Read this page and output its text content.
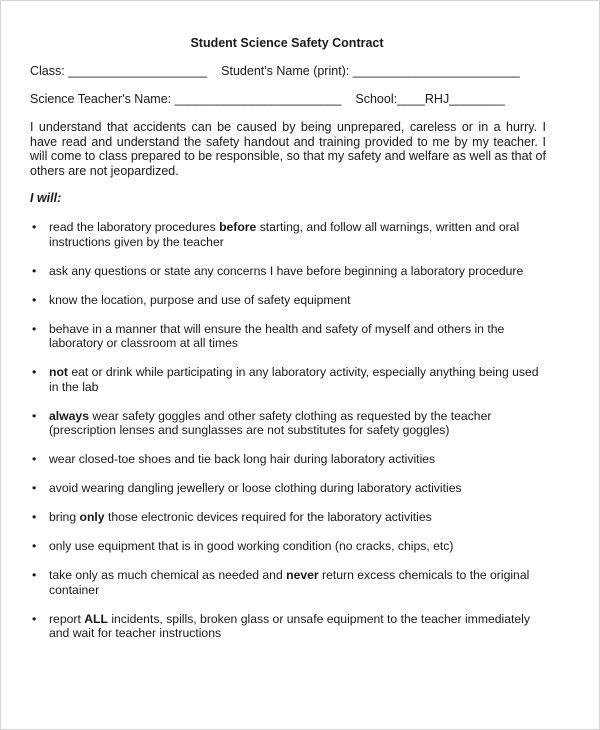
Student Science Safety Contract
Class: ____________________ Student's Name (print): ________________________
Science Teacher's Name: ________________________ School:____RHJ________
I understand that accidents can be caused by being unprepared, careless or in a hurry. I have read and understand the safety handout and training provided to me by my teacher. I will come to class prepared to be responsible, so that my safety and welfare as well as that of others are not jeopardized.
I will:
• read the laboratory procedures before starting, and follow all warnings, written and oral instructions given by the teacher
• ask any questions or state any concerns I have before beginning a laboratory procedure
• know the location, purpose and use of safety equipment
• behave in a manner that will ensure the health and safety of myself and others in the laboratory or classroom at all times
• not eat or drink while participating in any laboratory activity, especially anything being used in the lab
• always wear safety goggles and other safety clothing as requested by the teacher (prescription lenses and sunglasses are not substitutes for safety goggles)
• wear closed-toe shoes and tie back long hair during laboratory activities
• avoid wearing dangling jewellery or loose clothing during laboratory activities
• bring only those electronic devices required for the laboratory activities
• only use equipment that is in good working condition (no cracks, chips, etc)
• take only as much chemical as needed and never return excess chemicals to the original container
• report ALL incidents, spills, broken glass or unsafe equipment to the teacher immediately and wait for teacher instructions
